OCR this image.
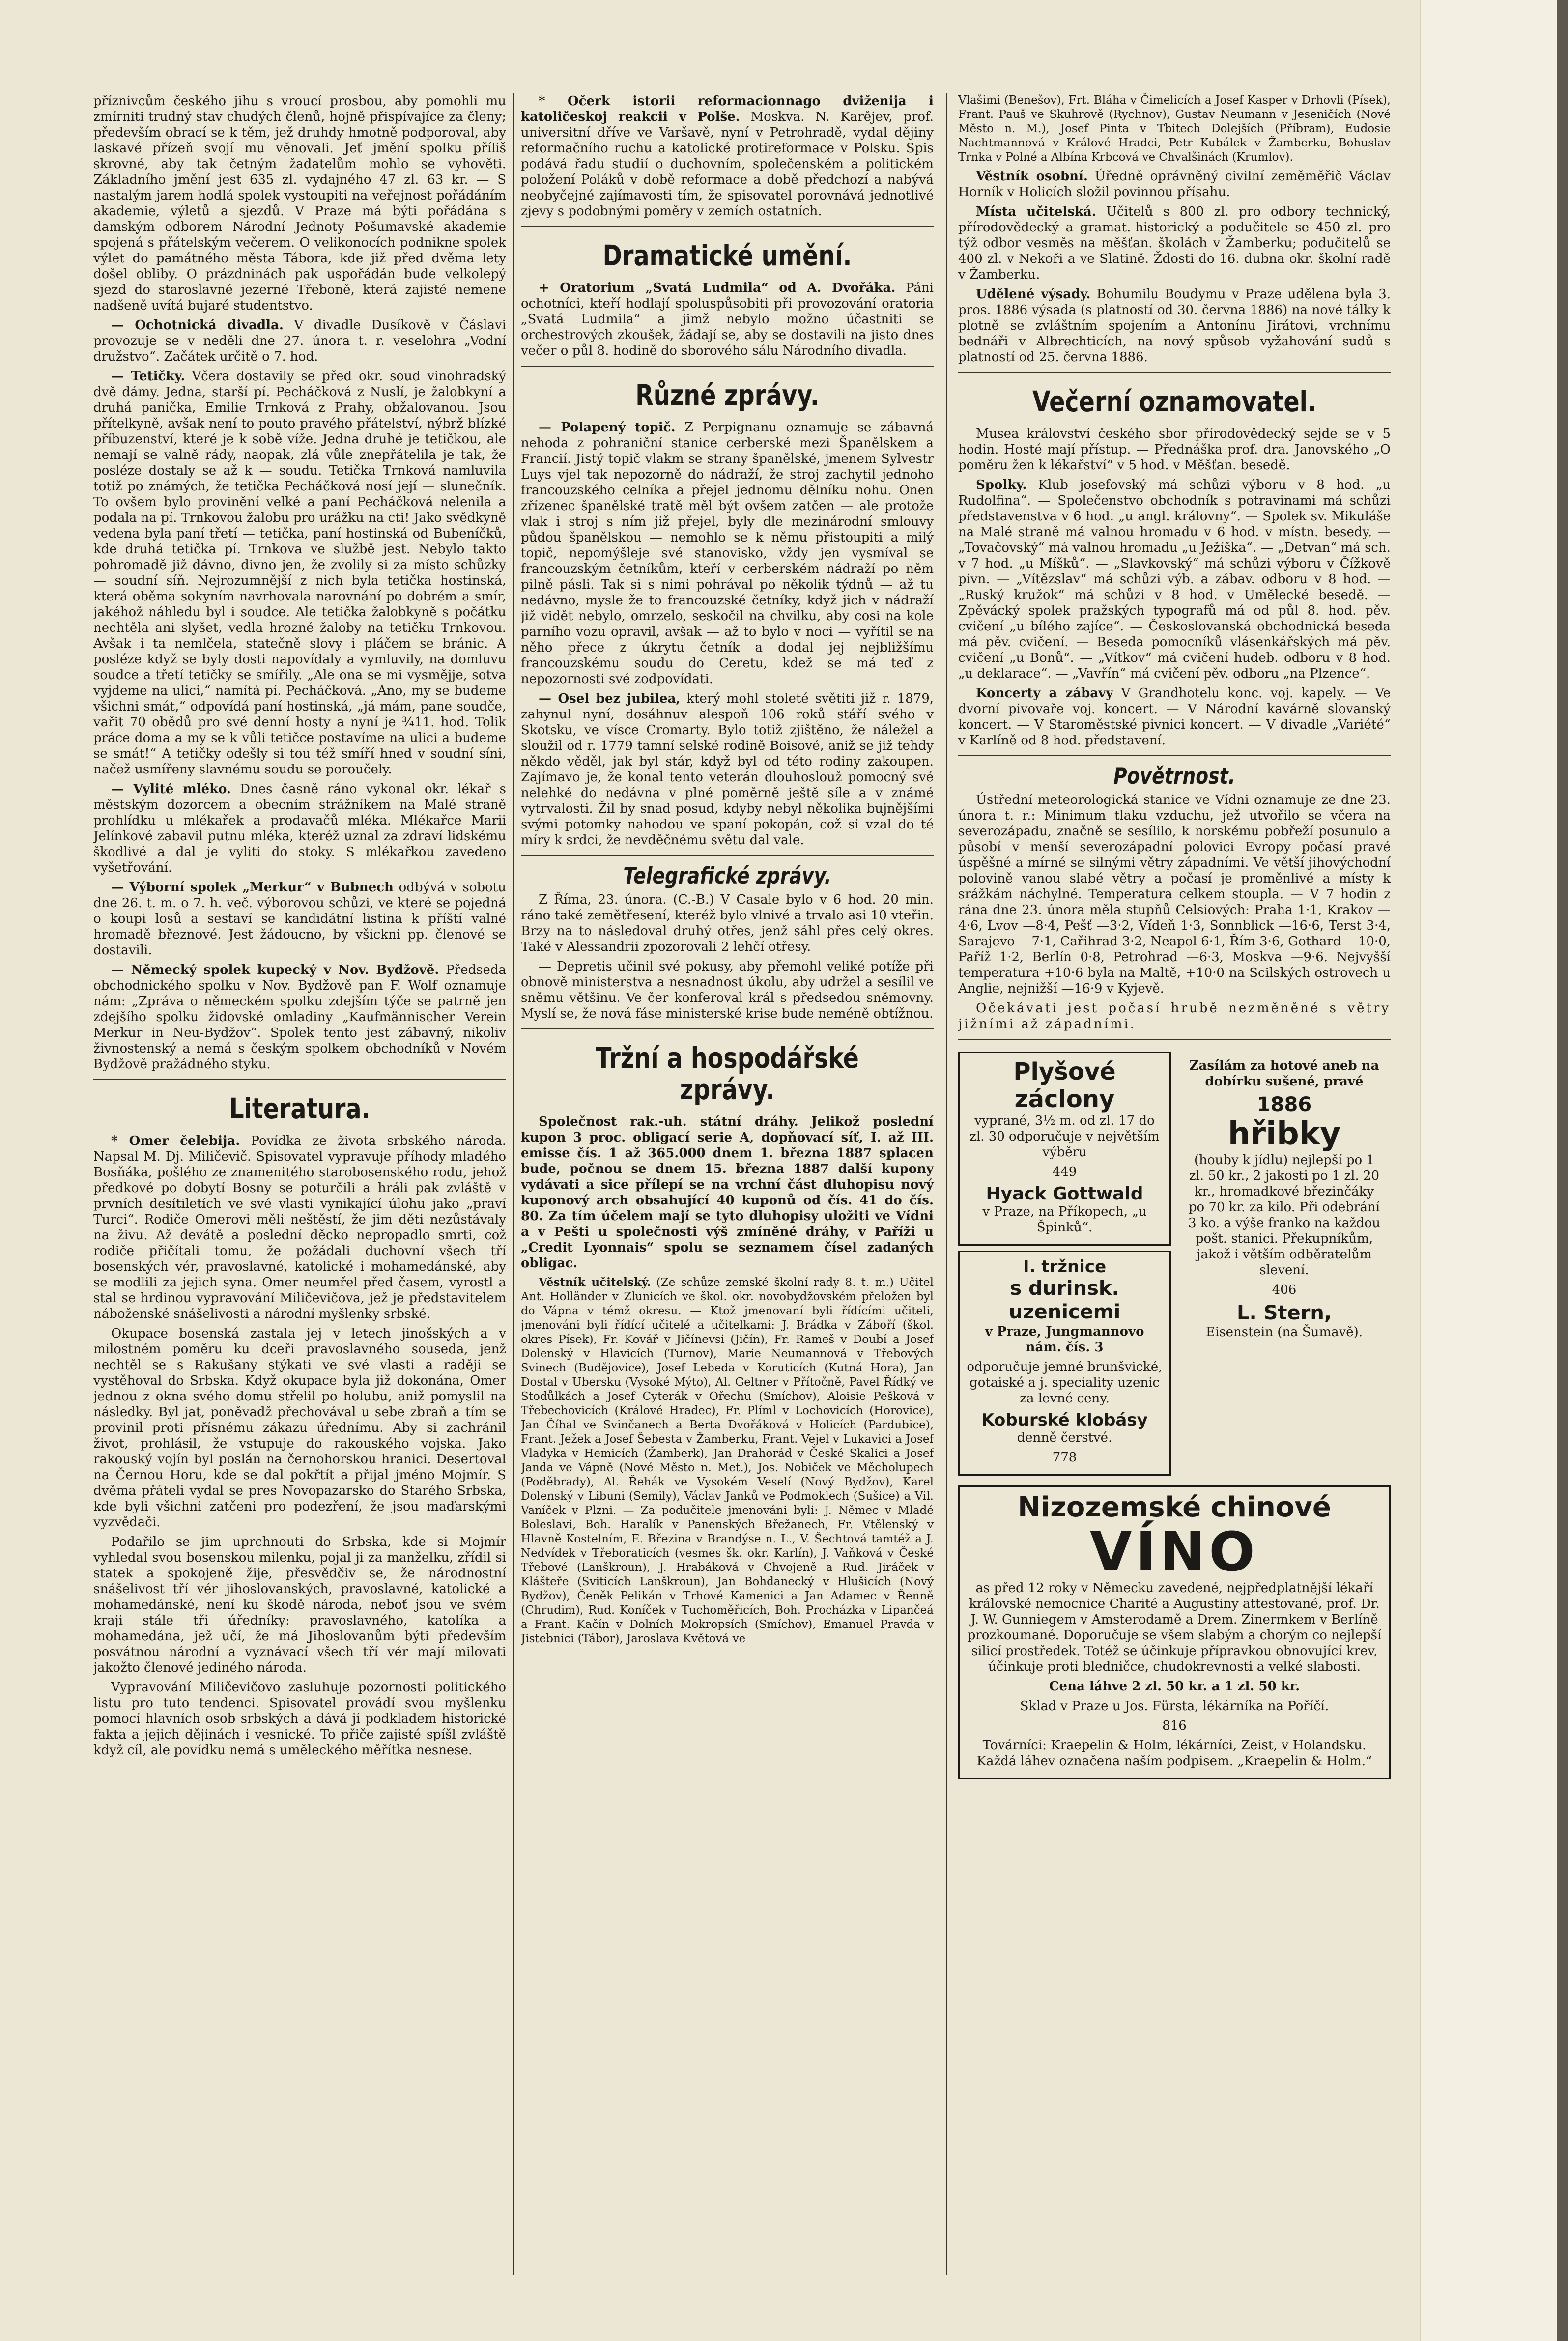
příznivcům českého jihu s vroucí prosbou, aby pomohli mu zmírniti trudný stav chudých členů, hojně přispívajíce za členy; především obrací se k těm, jež druhdy hmotně podporoval, aby laskavé přízeň svojí mu věnovali. Jeť jmění spolku příliš skrovné, aby tak četným žadatelům mohlo se vyhověti. Základního jmění jest 635 zl. vydajného 47 zl. 63 kr. — S nastalým jarem hodlá spolek vystoupiti na veřejnost pořádáním akademie, výletů a sjezdů. V Praze má býti pořádána s damským odborem Národní Jednoty Pošumavské akademie spojená s přátelským večerem. O velikonocích podnikne spolek výlet do památného města Tábora, kde již před dvěma lety došel obliby. O prázdninách pak uspořádán bude velkolepý sjezd do staroslavné jezerné Třeboně, která zajisté nemene nadšeně uvítá bujaré studentstvo.

— Ochotnická divadla. V divadle Dusíkově v Čáslavi provozuje se v neděli dne 27. února t. r. veselohra „Vodní družstvo“. Začátek určitě o 7. hod.

— Tetičky. Včera dostavily se před okr. soud vinohradský dvě dámy. Jedna, starší pí. Pecháčková z Nuslí, je žalobkyní a druhá panička, Emilie Trnková z Prahy, obžalovanou. Jsou přítelkyně, avšak není to pouto pravého přátelství, nýbrž blízké příbuzenství, které je k sobě víže. Jedna druhé je tetičkou, ale nemají se valně rády, naopak, zlá vůle znepřátelila je tak, že posléze dostaly se až k — soudu. Tetička Trnková namluvila totiž po známých, že tetička Pecháčková nosí její — slunečník. To ovšem bylo provinění velké a paní Pecháčková nelenila a podala na pí. Trnkovou žalobu pro urážku na cti! Jako svědkyně vedena byla paní třetí — tetička, paní hostinská od Bubeníčků, kde druhá tetička pí. Trnkova ve službě jest. Nebylo takto pohromadě již dávno, divno jen, že zvolily si za místo schůzky — soudní síň. Nejrozumnější z nich byla tetička hostinská, která oběma sokyním navrhovala narovnání po dobrém a smír, jakéhož náhledu byl i soudce. Ale tetička žalobkyně s počátku nechtěla ani slyšet, vedla hrozné žaloby na tetičku Trnkovou. Avšak i ta nemlčela, statečně slovy i pláčem se bránic. A posléze když se byly dosti napovídaly a vymluvily, na domluvu soudce a třetí tetičky se smířily. „Ale ona se mi vysmějje, sotva vyjdeme na ulici,“ namítá pí. Pecháčková. „Ano, my se budeme všichni smát,“ odpovídá paní hostinská, „já mám, pane soudče, vařit 70 obědů pro své denní hosty a nyní je ¾11. hod. Tolik práce doma a my se k vůli tetičce postavíme na ulici a budeme se smát!“ A tetičky odešly si tou též smíří hned v soudní síni, načež usmířeny slavnému soudu se poroučely.

— Vylité mléko. Dnes časně ráno vykonal okr. lékař s městským dozorcem a obecním strážníkem na Malé straně prohlídku u mlékařek a prodavačů mléka. Mlékařce Marii Jelínkové zabavil putnu mléka, kteréž uznal za zdraví lidskému škodlivé a dal je vyliti do stoky. S mlékařkou zavedeno vyšetřování.

— Výborní spolek „Merkur“ v Bubnech odbývá v sobotu dne 26. t. m. o 7. h. več. výborovou schůzi, ve které se pojedná o koupi losů a sestaví se kandidátní listina k příští valné hromadě březnové. Jest žádoucno, by všickni pp. členové se dostavili.

— Německý spolek kupecký v Nov. Bydžově. Předseda obchodnického spolku v Nov. Bydžově pan F. Wolf oznamuje nám: „Zpráva o německém spolku zdejším týče se patrně jen zdejšího spolku židovské omladiny „Kaufmännischer Verein Merkur in Neu-Bydžov“. Spolek tento jest zábavný, nikoliv živnostenský a nemá s českým spolkem obchodníků v Novém Bydžově pražádného styku.

Literatura.

* Omer čelebija. Povídka ze života srbského národa. Napsal M. Dj. Miličevič. Spisovatel vypravuje příhody mladého Bosňáka, pošlého ze znamenitého starobosenského rodu, jehož předkové po dobytí Bosny se poturčili a hráli pak zvláště v prvních desítiletích ve své vlasti vynikající úlohu jako „praví Turci“. Rodiče Omerovi měli neštěstí, že jim děti nezůstávaly na živu. Až devátě a poslední děcko nepropadlo smrti, což rodiče přičítali tomu, že požádali duchovní všech tří bosenských vér, pravoslavné, katolické i mohamedánské, aby se modlili za jejich syna. Omer neumřel před časem, vyrostl a stal se hrdinou vypravování Miličevičova, jež je představitelem náboženské snášelivosti a národní myšlenky srbské.

Okupace bosenská zastala jej v letech jinošských a v milostném poměru ku dceři pravoslavného souseda, jenž nechtěl se s Rakušany stýkati ve své vlasti a raději se vystěhoval do Srbska. Když okupace byla již dokonána, Omer jednou z okna svého domu střelil po holubu, aniž pomyslil na následky. Byl jat, poněvadž přechovával u sebe zbraň a tím se provinil proti přísnému zákazu úřednímu. Aby si zachránil život, prohlásil, že vstupuje do rakouského vojska. Jako rakouský vojín byl poslán na černohorskou hranici. Desertoval na Černou Horu, kde se dal pokřtít a přijal jméno Mojmír. S dvěma přáteli vydal se pres Novopazarsko do Starého Srbska, kde byli všichni zatčeni pro podezření, že jsou maďarskými vyzvědači.

Podařilo se jim uprchnouti do Srbska, kde si Mojmír vyhledal svou bosenskou milenku, pojal ji za manželku, zřídil si statek a spokojeně žije, přesvědčiv se, že národnostní snášelivost tří vér jihoslovanských, pravoslavné, katolické a mohamedánské, není ku škodě národa, neboť jsou ve svém kraji stále tři úředníky: pravoslavného, katolíka a mohamedána, jež učí, že má Jihoslovanům býti především posvátnou národní a vyznávací všech tří vér mají milovati jakožto členové jediného národa.

Vypravování Miličevičovo zasluhuje pozornosti politického listu pro tuto tendenci. Spisovatel provádí svou myšlenku pomocí hlavních osob srbských a dává jí podkladem historické fakta a jejich dějinách i vesnické. To přiče zajisté spíšl zvláště když cíl, ale povídku nemá s uměleckého měřítka nesnese.

* Očerk istorii reformacionnago dviženija i katoličeskoj reakcii v Polše. Moskva. N. Karějev, prof. universitní dříve ve Varšavě, nyní v Petrohradě, vydal dějiny reformačního ruchu a katolické protireformace v Polsku. Spis podává řadu studií o duchovním, společenském a politickém položení Poláků v době reformace a době předchozí a nabývá neobyčejné zajímavosti tím, že spisovatel porovnává jednotlivé zjevy s podobnými poměry v zemích ostatních.

Dramatické umění.

+ Oratorium „Svatá Ludmila“ od A. Dvořáka. Páni ochotníci, kteří hodlají spoluspůsobiti při provozování oratoria „Svatá Ludmila“ a jimž nebylo možno účastniti se orchestrových zkoušek, žádají se, aby se dostavili na jisto dnes večer o půl 8. hodině do sborového sálu Národního divadla.

Různé zprávy.

— Polapený topič. Z Perpignanu oznamuje se zábavná nehoda z pohraniční stanice cerberské mezi Španělskem a Francií. Jistý topič vlakm se strany španělské, jmenem Sylvestr Luys vjel tak nepozorně do nádraží, že stroj zachytil jednoho francouzského celníka a přejel jednomu dělníku nohu. Onen zřízenec španělské tratě měl být ovšem zatčen — ale protože vlak i stroj s ním již přejel, byly dle mezinárodní smlouvy půdou španělskou — nemohlo se k němu přistoupiti a milý topič, nepomýšleje své stanovisko, vždy jen vysmíval se francouzským četníkům, kteří v cerberském nádraží po něm pilně pásli. Tak si s nimi pohrával po několik týdnů — až tu nedávno, mysle že to francouzské četníky, když jich v nádraží již vidět nebylo, omrzelo, seskočil na chvilku, aby cosi na kole parního vozu opravil, avšak — až to bylo v noci — vyřítil se na něho přece z úkrytu četník a dodal jej nejbližšímu francouzskému soudu do Ceretu, kdež se má teď z nepozornosti své zodpovídati.

— Osel bez jubilea, který mohl stoleté světiti již r. 1879, zahynul nyní, dosáhnuv alespoň 106 roků stáří svého v Skotsku, ve vísce Cromarty. Bylo totiž zjištěno, že náležel a sloužil od r. 1779 tamní selské rodině Boisové, aniž se již tehdy někdo věděl, jak byl stár, když byl od této rodiny zakoupen. Zajímavo je, že konal tento veterán dlouhoslouž pomocný své nelehké do nedávna v plné poměrně ještě síle a v známé vytrvalosti. Žil by snad posud, kdyby nebyl několika bujnějšími svými potomky nahodou ve spaní pokopán, což si vzal do té míry k srdci, že nevděčnému světu dal vale.

Telegrafické zprávy.

Z Říma, 23. února. (C.-B.) V Casale bylo v 6 hod. 20 min. ráno také zemětřesení, kteréž bylo vlnivé a trvalo asi 10 vteřin. Brzy na to následoval druhý otřes, jenž sáhl přes celý okres. Také v Alessandrii zpozorovali 2 lehčí otřesy.

— Depretis učinil své pokusy, aby přemohl veliké potíže při obnově ministerstva a nesnadnost úkolu, aby udržel a sesílil ve sněmu většinu. Ve čer konferoval král s předsedou sněmovny. Myslí se, že nová fáse ministerské krise bude neméně obtížnou.

Tržní a hospodářské zprávy.

Společnost rak.-uh. státní dráhy. Jelikož poslední kupon 3 proc. obligací serie A, dopňovací síť, I. až III. emisse čís. 1 až 365.000 dnem 1. března 1887 splacen bude, počnou se dnem 15. března 1887 další kupony vydávati a sice přílepí se na vrchní část dluhopisu nový kuponový arch obsahující 40 kuponů od čís. 41 do čís. 80. Za tím účelem mají se tyto dluhopisy uložiti ve Vídni a v Pešti u společnosti výš zmíněné dráhy, v Paříži u „Credit Lyonnais“ spolu se seznamem čísel zadaných obligac.

Věstník učitelský. (Ze schůze zemské školní rady 8. t. m.) Učitel Ant. Holländer v Zlunicích ve škol. okr. novobydžovském přeložen byl do Vápna v témž okresu. — Ktož jmenovaní byli řídícími učiteli, jmenováni byli řídící učitelé a učitelkami: J. Brádka v Záboří (škol. okres Písek), Fr. Kovář v Jičínevsi (Jičín), Fr. Rameš v Doubí a Josef Dolenský v Hlavicích (Turnov), Marie Neumannová v Třebových Svinech (Budějovice), Josef Lebeda v Koruticích (Kutná Hora), Jan Dostal v Ubersku (Vysoké Mýto), Al. Geltner v Přítočně, Pavel Řídký ve Stodůlkách a Josef Cyterák v Ořechu (Smíchov), Aloisie Pešková v Třebechovicích (Králové Hradec), Fr. Plíml v Lochovicích (Horovice), Jan Číhal ve Svinčanech a Berta Dvořáková v Holicích (Pardubice), Frant. Ježek a Josef Šebesta v Žamberku, Frant. Vejel v Lukavici a Josef Vladyka v Hemicích (Žamberk), Jan Drahorád v České Skalici a Josef Janda ve Vápně (Nové Město n. Met.), Jos. Nobiček ve Měcholupech (Poděbrady), Al. Řehák ve Vysokém Veselí (Nový Bydžov), Karel Dolenský v Libuni (Semily), Václav Janků ve Podmoklech (Sušice) a Vil. Vaníček v Plzni. — Za podučitele jmenováni byli: J. Němec v Mladé Boleslavi, Boh. Haralík v Panenských Břežanech, Fr. Vtělenský v Hlavně Kostelním, E. Březina v Brandýse n. L., V. Šechtová tamtéž a J. Nedvídek v Třeboraticích (vesmes šk. okr. Karlín), J. Vaňková v České Třebové (Lanškroun), J. Hrabáková v Chvojeně a Rud. Jiráček v Klášteře (Sviticích Lanškroun), Jan Bohdanecký v Hlušicích (Nový Bydžov), Čeněk Pelikán v Trhové Kamenici a Jan Adamec v Řenně (Chrudim), Rud. Koníček v Tuchoměřicích, Boh. Procházka v Lipančeá a Frant. Kačín v Dolních Mokropsích (Smíchov), Emanuel Pravda v Jistebnici (Tábor), Jaroslava Květová ve

Vlašimi (Benešov), Frt. Bláha v Čimelicích a Josef Kasper v Drhovli (Písek), Frant. Pauš ve Skuhrově (Rychnov), Gustav Neumann v Jeseničích (Nové Město n. M.), Josef Pinta v Tbitech Dolejších (Příbram), Eudosie Nachtmannová v Králové Hradci, Petr Kubálek v Žamberku, Bohuslav Trnka v Polné a Albína Krbcová ve Chvalšinách (Krumlov).

Věstník osobní. Úředně oprávněný civilní zeměměřič Václav Horník v Holicích složil povinnou přísahu.

Místa učitelská. Učitelů s 800 zl. pro odbory technický, přírodovědecký a gramat.-historický a podučitele se 450 zl. pro týž odbor vesměs na měšťan. školách v Žamberku; podučitelů se 400 zl. v Nekoři a ve Slatině. Ždosti do 16. dubna okr. školní radě v Žamberku.

Udělené výsady. Bohumilu Boudymu v Praze udělena byla 3. pros. 1886 výsada (s platností od 30. června 1886) na nové tálky k plotně se zvláštním spojením a Antonínu Jirátovi, vrchnímu bednáři v Albrechticích, na nový spůsob vyžahování sudů s platností od 25. června 1886.

Večerní oznamovatel.

Musea království českého sbor přírodovědecký sejde se v 5 hodin. Hosté mají přístup. — Přednáška prof. dra. Janovského „O poměru žen k lékařství“ v 5 hod. v Měšťan. besedě.

Spolky. Klub josefovský má schůzi výboru v 8 hod. „u Rudolfina“. — Společenstvo obchodník s potravinami má schůzi představenstva v 6 hod. „u angl. královny“. — Spolek sv. Mikuláše na Malé straně má valnou hromadu v 6 hod. v místn. besedy. — „Tovačovský“ má valnou hromadu „u Ježíška“. — „Detvan“ má sch. v 7 hod. „u Míšků“. — „Slavkovský“ má schůzi výboru v Čížkově pivn. — „Vítězslav“ má schůzi výb. a zábav. odboru v 8 hod. — „Ruský kružok“ má schůzi v 8 hod. v Umělecké besedě. — Zpěvácký spolek pražských typografů má od půl 8. hod. pěv. cvičení „u bílého zajíce“. — Českoslovanská obchodnická beseda má pěv. cvičení. — Beseda pomocníků vlásenkářských má pěv. cvičení „u Bonů“. — „Vítkov“ má cvičení hudeb. odboru v 8 hod. „u deklarace“. — „Vavřín“ má cvičení pěv. odboru „na Plzence“.

Koncerty a zábavy V Grandhotelu konc. voj. kapely. — Ve dvorní pivovaře voj. koncert. — V Národní kavárně slovanský koncert. — V Staroměstské pivnici koncert. — V divadle „Variété“ v Karlíně od 8 hod. představení.

Povětrnost.

Ústřední meteorologická stanice ve Vídni oznamuje ze dne 23. února t. r.: Minimum tlaku vzduchu, jež utvořilo se včera na severozápadu, značně se sesílilo, k norskému pobřeží posunulo a působí v menší severozápadní polovici Evropy počasí pravé úspěšné a mírné se silnými větry západními. Ve větší jihovýchodní polovině vanou slabé větry a počasí je proměnlivé a místy k srážkám náchylné. Temperatura celkem stoupla. — V 7 hodin z rána dne 23. února měla stupňů Celsiových: Praha 1·1, Krakov —4·6, Lvov —8·4, Pešť —3·2, Vídeň 1·3, Sonnblick —16·6, Terst 3·4, Sarajevo —7·1, Cařihrad 3·2, Neapol 6·1, Řím 3·6, Gothard —10·0, Paříž 1·2, Berlín 0·8, Petrohrad —6·3, Moskva —9·6. Nejvyšší temperatura +10·6 byla na Maltě, +10·0 na Scilských ostrovech u Anglie, nejnižší —16·9 v Kyjevě.

Očekávati jest počasí hrubě nezměněné s větry jižními až západními.

Plyšové záclony

vyprané, 3½ m. od zl. 17 do zl. 30 odporučuje v největším výběru

449

Hyack Gottwald

v Praze, na Příkopech, „u Špinků“.

I. tržnice
s durinsk. uzenicemi

v Praze, Jungmannovo nám. čís. 3

odporučuje jemné brunšvické, gotaiské a j. speciality uzenic za levné ceny.

Koburské klobásy

denně čerstvé.

778

Zasílám za hotové aneb na dobírku sušené, pravé

1886
hřibky

(houby k jídlu) nejlepší po 1 zl. 50 kr., 2 jakosti po 1 zl. 20 kr., hromadkové březinčáky po 70 kr. za kilo. Při odebrání 3 ko. a výše franko na každou pošt. stanici. Překupníkům, jakož i větším odběratelům slevení.

406

L. Stern,

Eisenstein (na Šumavě).

Nizozemské chinové
VÍNO

as před 12 roky v Německu zavedené, nejpředplatnější lékaří královské nemocnice Charité a Augustiny attestované, prof. Dr. J. W. Gunniegem v Amsterodamě a Drem. Zinermkem v Berlíně prozkoumané. Doporučuje se všem slabým a chorým co nejlepší silicí prostředek. Totéž se účinkuje přípravkou obnovující krev, účinkuje proti bledničce, chudokrevnosti a velké slabosti.

Cena láhve 2 zl. 50 kr. a 1 zl. 50 kr.

Sklad v Praze u Jos. Fürsta, lékárníka na Poříčí.

816

Továrníci: Kraepelin & Holm, lékárníci, Zeist, v Holandsku. Každá láhev označena naším podpisem. „Kraepelin & Holm.“
